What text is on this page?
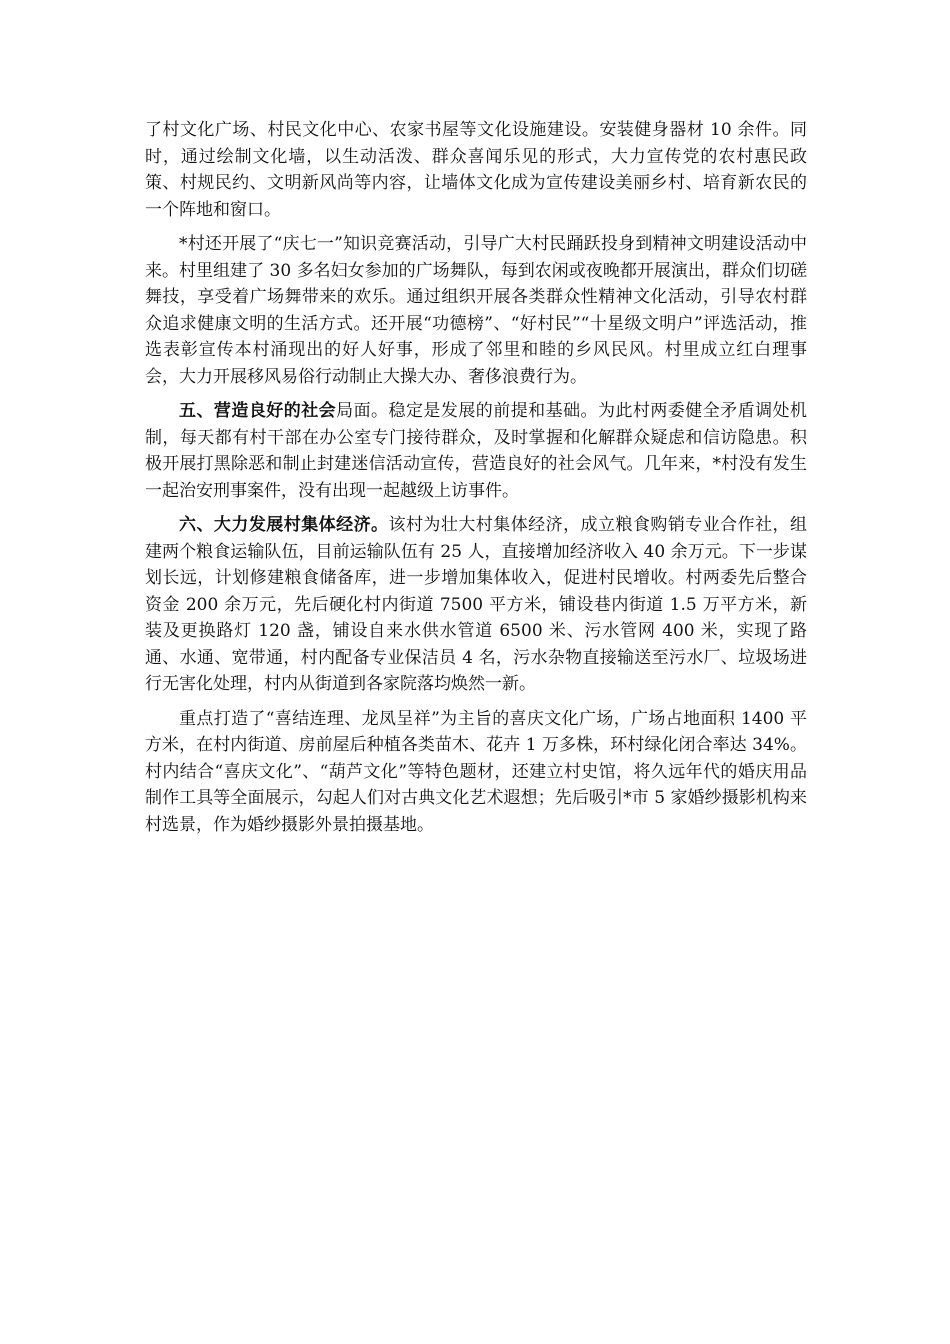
了村文化广场、村民文化中心、农家书屋等文化设施建设。安装健身器材 10 余件。同时，通过绘制文化墙，以生动活泼、群众喜闻乐见的形式，大力宣传党的农村惠民政策、村规民约、文明新风尚等内容，让墙体文化成为宣传建设美丽乡村、培育新农民的一个阵地和窗口。

*村还开展了“庆七一”知识竞赛活动，引导广大村民踊跃投身到精神文明建设活动中来。村里组建了 30 多名妇女参加的广场舞队，每到农闲或夜晚都开展演出，群众们切磋舞技，享受着广场舞带来的欢乐。通过组织开展各类群众性精神文化活动，引导农村群众追求健康文明的生活方式。还开展“功德榜”、“好村民”“十星级文明户”评选活动，推选表彰宣传本村涌现出的好人好事，形成了邻里和睦的乡风民风。村里成立红白理事会，大力开展移风易俗行动制止大操大办、奢侈浪费行为。

五、营造良好的社会局面。稳定是发展的前提和基础。为此村两委健全矛盾调处机制，每天都有村干部在办公室专门接待群众，及时掌握和化解群众疑虑和信访隐患。积极开展打黑除恶和制止封建迷信活动宣传，营造良好的社会风气。几年来，*村没有发生一起治安刑事案件，没有出现一起越级上访事件。

六、大力发展村集体经济。该村为壮大村集体经济，成立粮食购销专业合作社，组建两个粮食运输队伍，目前运输队伍有 25 人，直接增加经济收入 40 余万元。下一步谋划长远，计划修建粮食储备库，进一步增加集体收入，促进村民增收。村两委先后整合资金 200 余万元，先后硬化村内街道 7500 平方米，铺设巷内街道 1.5 万平方米，新装及更换路灯 120 盏，铺设自来水供水管道 6500 米、污水管网 400 米，实现了路通、水通、宽带通，村内配备专业保洁员 4 名，污水杂物直接输送至污水厂、垃圾场进行无害化处理，村内从街道到各家院落均焕然一新。

重点打造了“喜结连理、龙凤呈祥”为主旨的喜庆文化广场，广场占地面积 1400 平方米，在村内街道、房前屋后种植各类苗木、花卉 1 万多株，环村绿化闭合率达 34%。村内结合“喜庆文化”、“葫芦文化”等特色题材，还建立村史馆，将久远年代的婚庆用品制作工具等全面展示，勾起人们对古典文化艺术遐想；先后吸引*市 5 家婚纱摄影机构来村选景，作为婚纱摄影外景拍摄基地。
